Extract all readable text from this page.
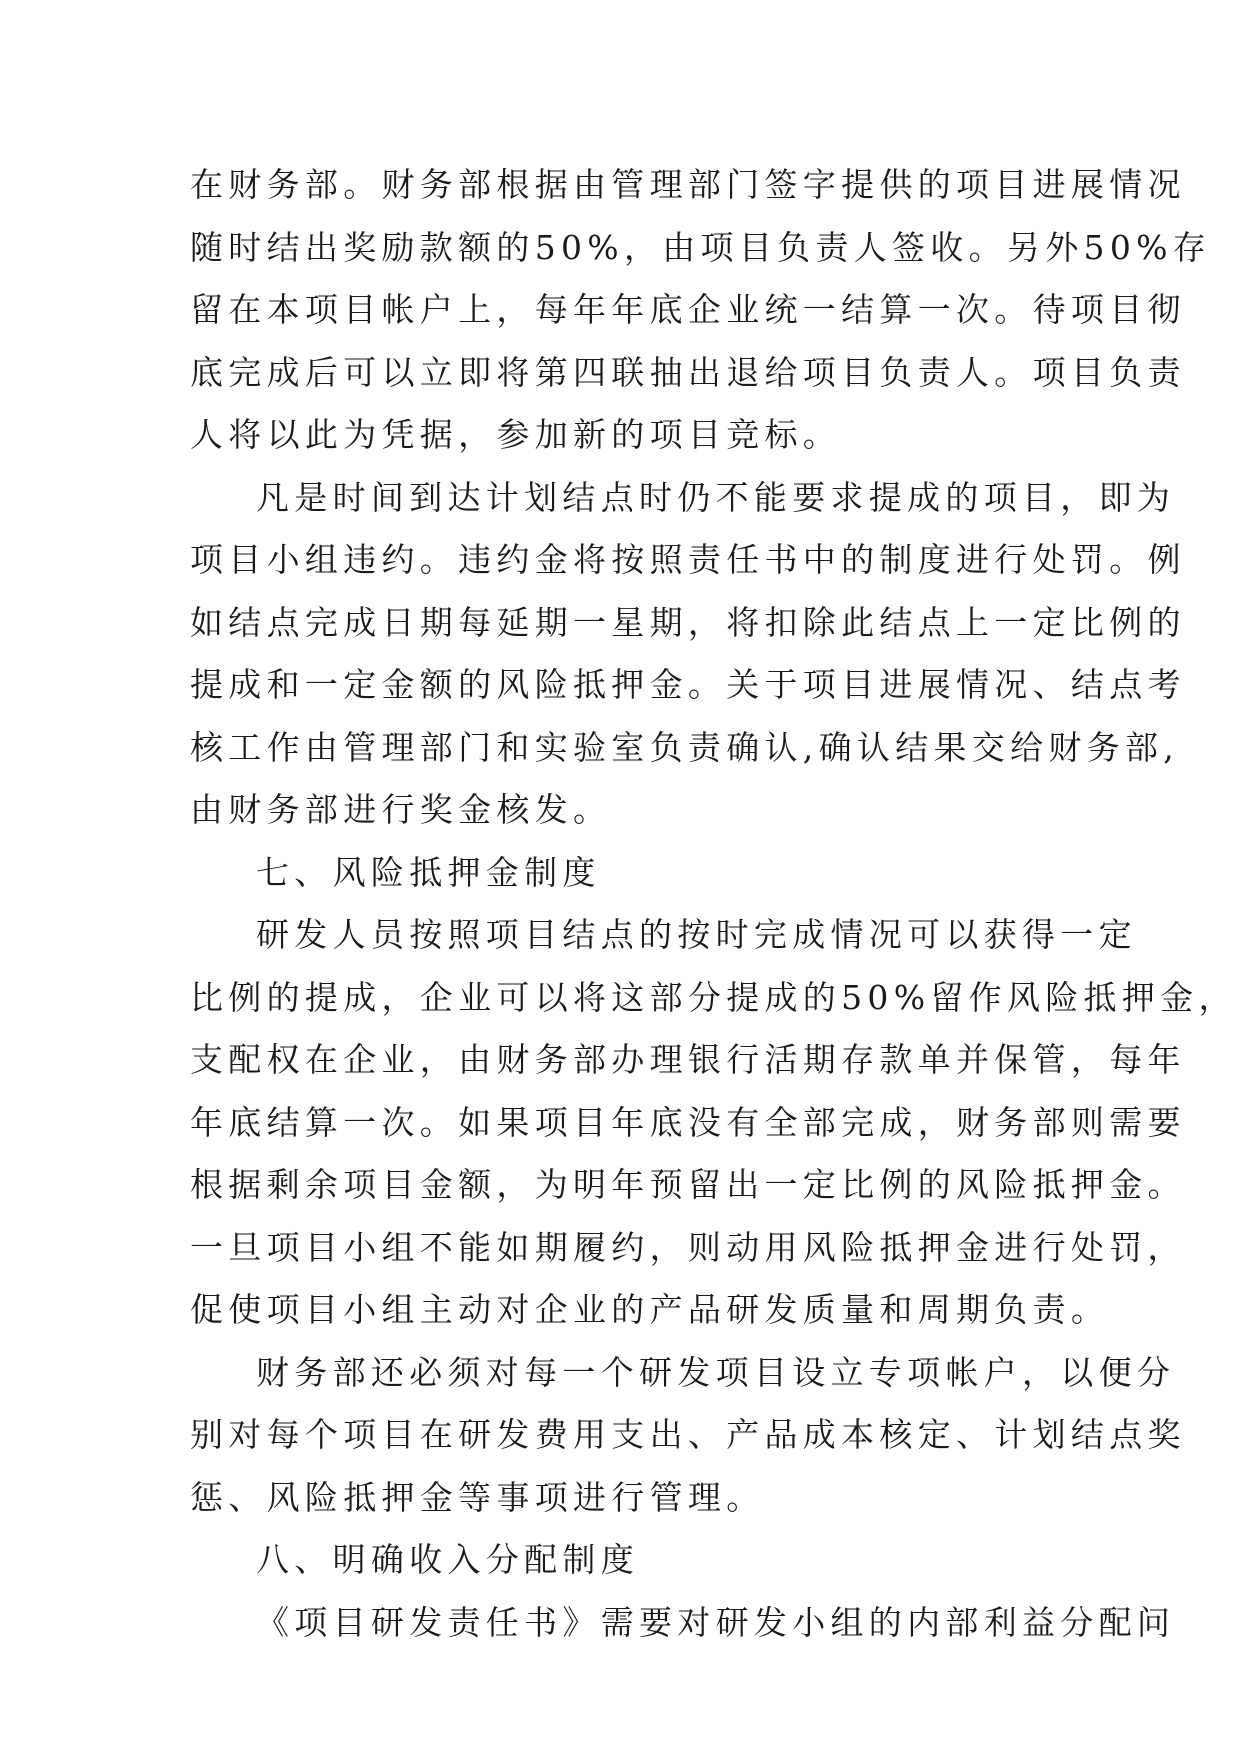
在财务部。财务部根据由管理部门签字提供的项目进展情况
随时结出奖励款额的50%，由项目负责人签收。另外50%存
留在本项目帐户上，每年年底企业统一结算一次。待项目彻
底完成后可以立即将第四联抽出退给项目负责人。项目负责
人将以此为凭据，参加新的项目竞标。
凡是时间到达计划结点时仍不能要求提成的项目，即为
项目小组违约。违约金将按照责任书中的制度进行处罚。例
如结点完成日期每延期一星期，将扣除此结点上一定比例的
提成和一定金额的风险抵押金。关于项目进展情况、结点考
核工作由管理部门和实验室负责确认,确认结果交给财务部,
由财务部进行奖金核发。
七、风险抵押金制度
研发人员按照项目结点的按时完成情况可以获得一定
比例的提成，企业可以将这部分提成的50%留作风险抵押金，
支配权在企业，由财务部办理银行活期存款单并保管，每年
年底结算一次。如果项目年底没有全部完成，财务部则需要
根据剩余项目金额，为明年预留出一定比例的风险抵押金。
一旦项目小组不能如期履约，则动用风险抵押金进行处罚，
促使项目小组主动对企业的产品研发质量和周期负责。
财务部还必须对每一个研发项目设立专项帐户，以便分
别对每个项目在研发费用支出、产品成本核定、计划结点奖
惩、风险抵押金等事项进行管理。
八、明确收入分配制度
《项目研发责任书》需要对研发小组的内部利益分配问
